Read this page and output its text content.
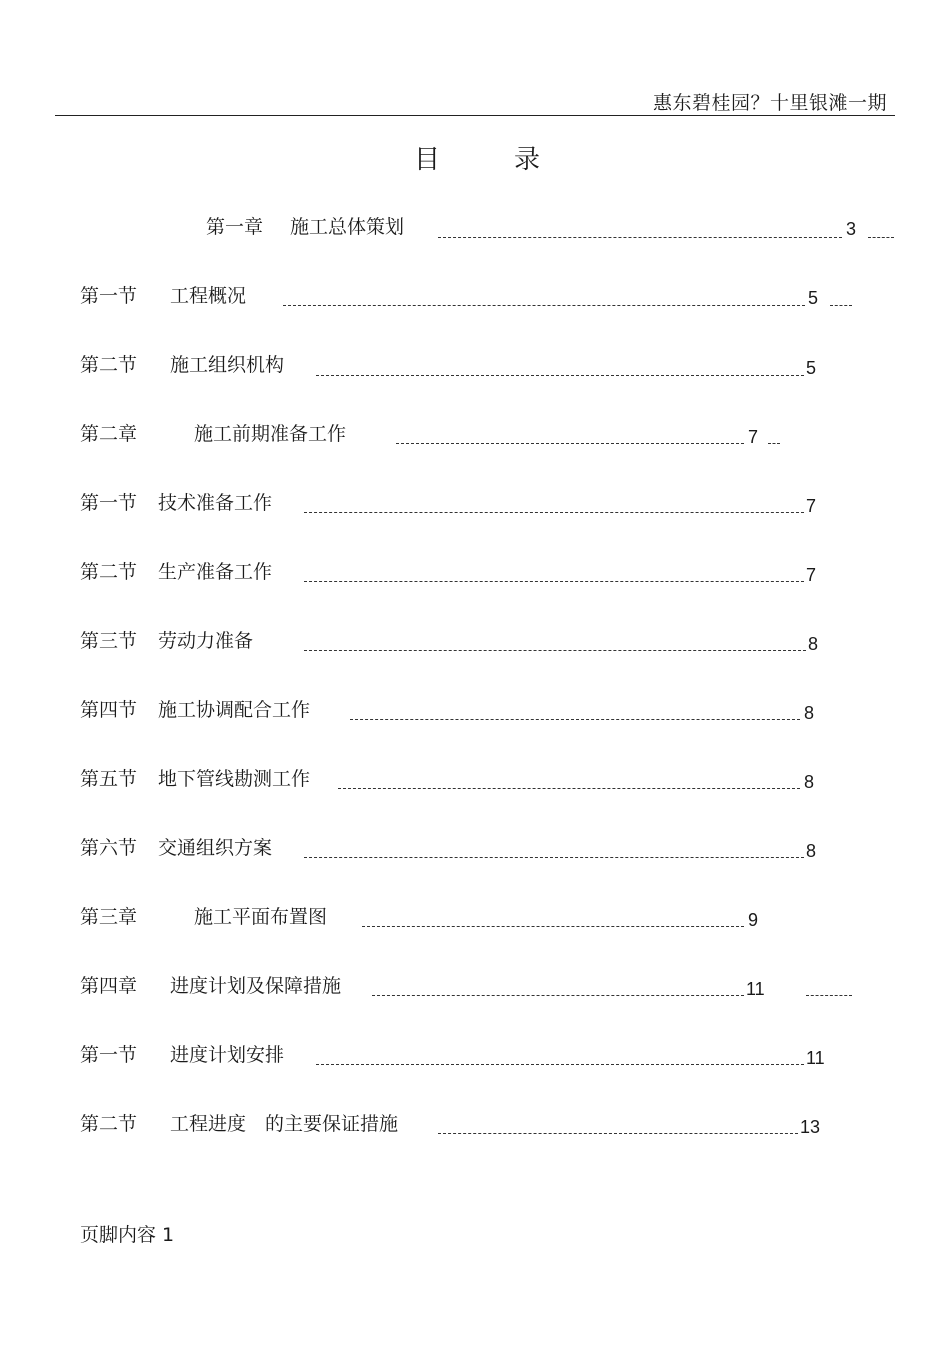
惠东碧桂园？十里银滩一期
目	录
第一章 施工总体策划	3
第一节 工程概况	5
第二节 施工组织机构	5
第二章	施工前期准备工作	7
第一节 技术准备工作	7
第二节 生产准备工作	7
第三节 劳动力准备	8
第四节 施工协调配合工作	8
第五节 地下管线勘测工作	8
第六节 交通组织方案	8
第三章	施工平面布置图	9
第四章 进度计划及保障措施	11
第一节 进度计划安排	11
第二节 工程进度　的主要保证措施	13
页脚内容 1
